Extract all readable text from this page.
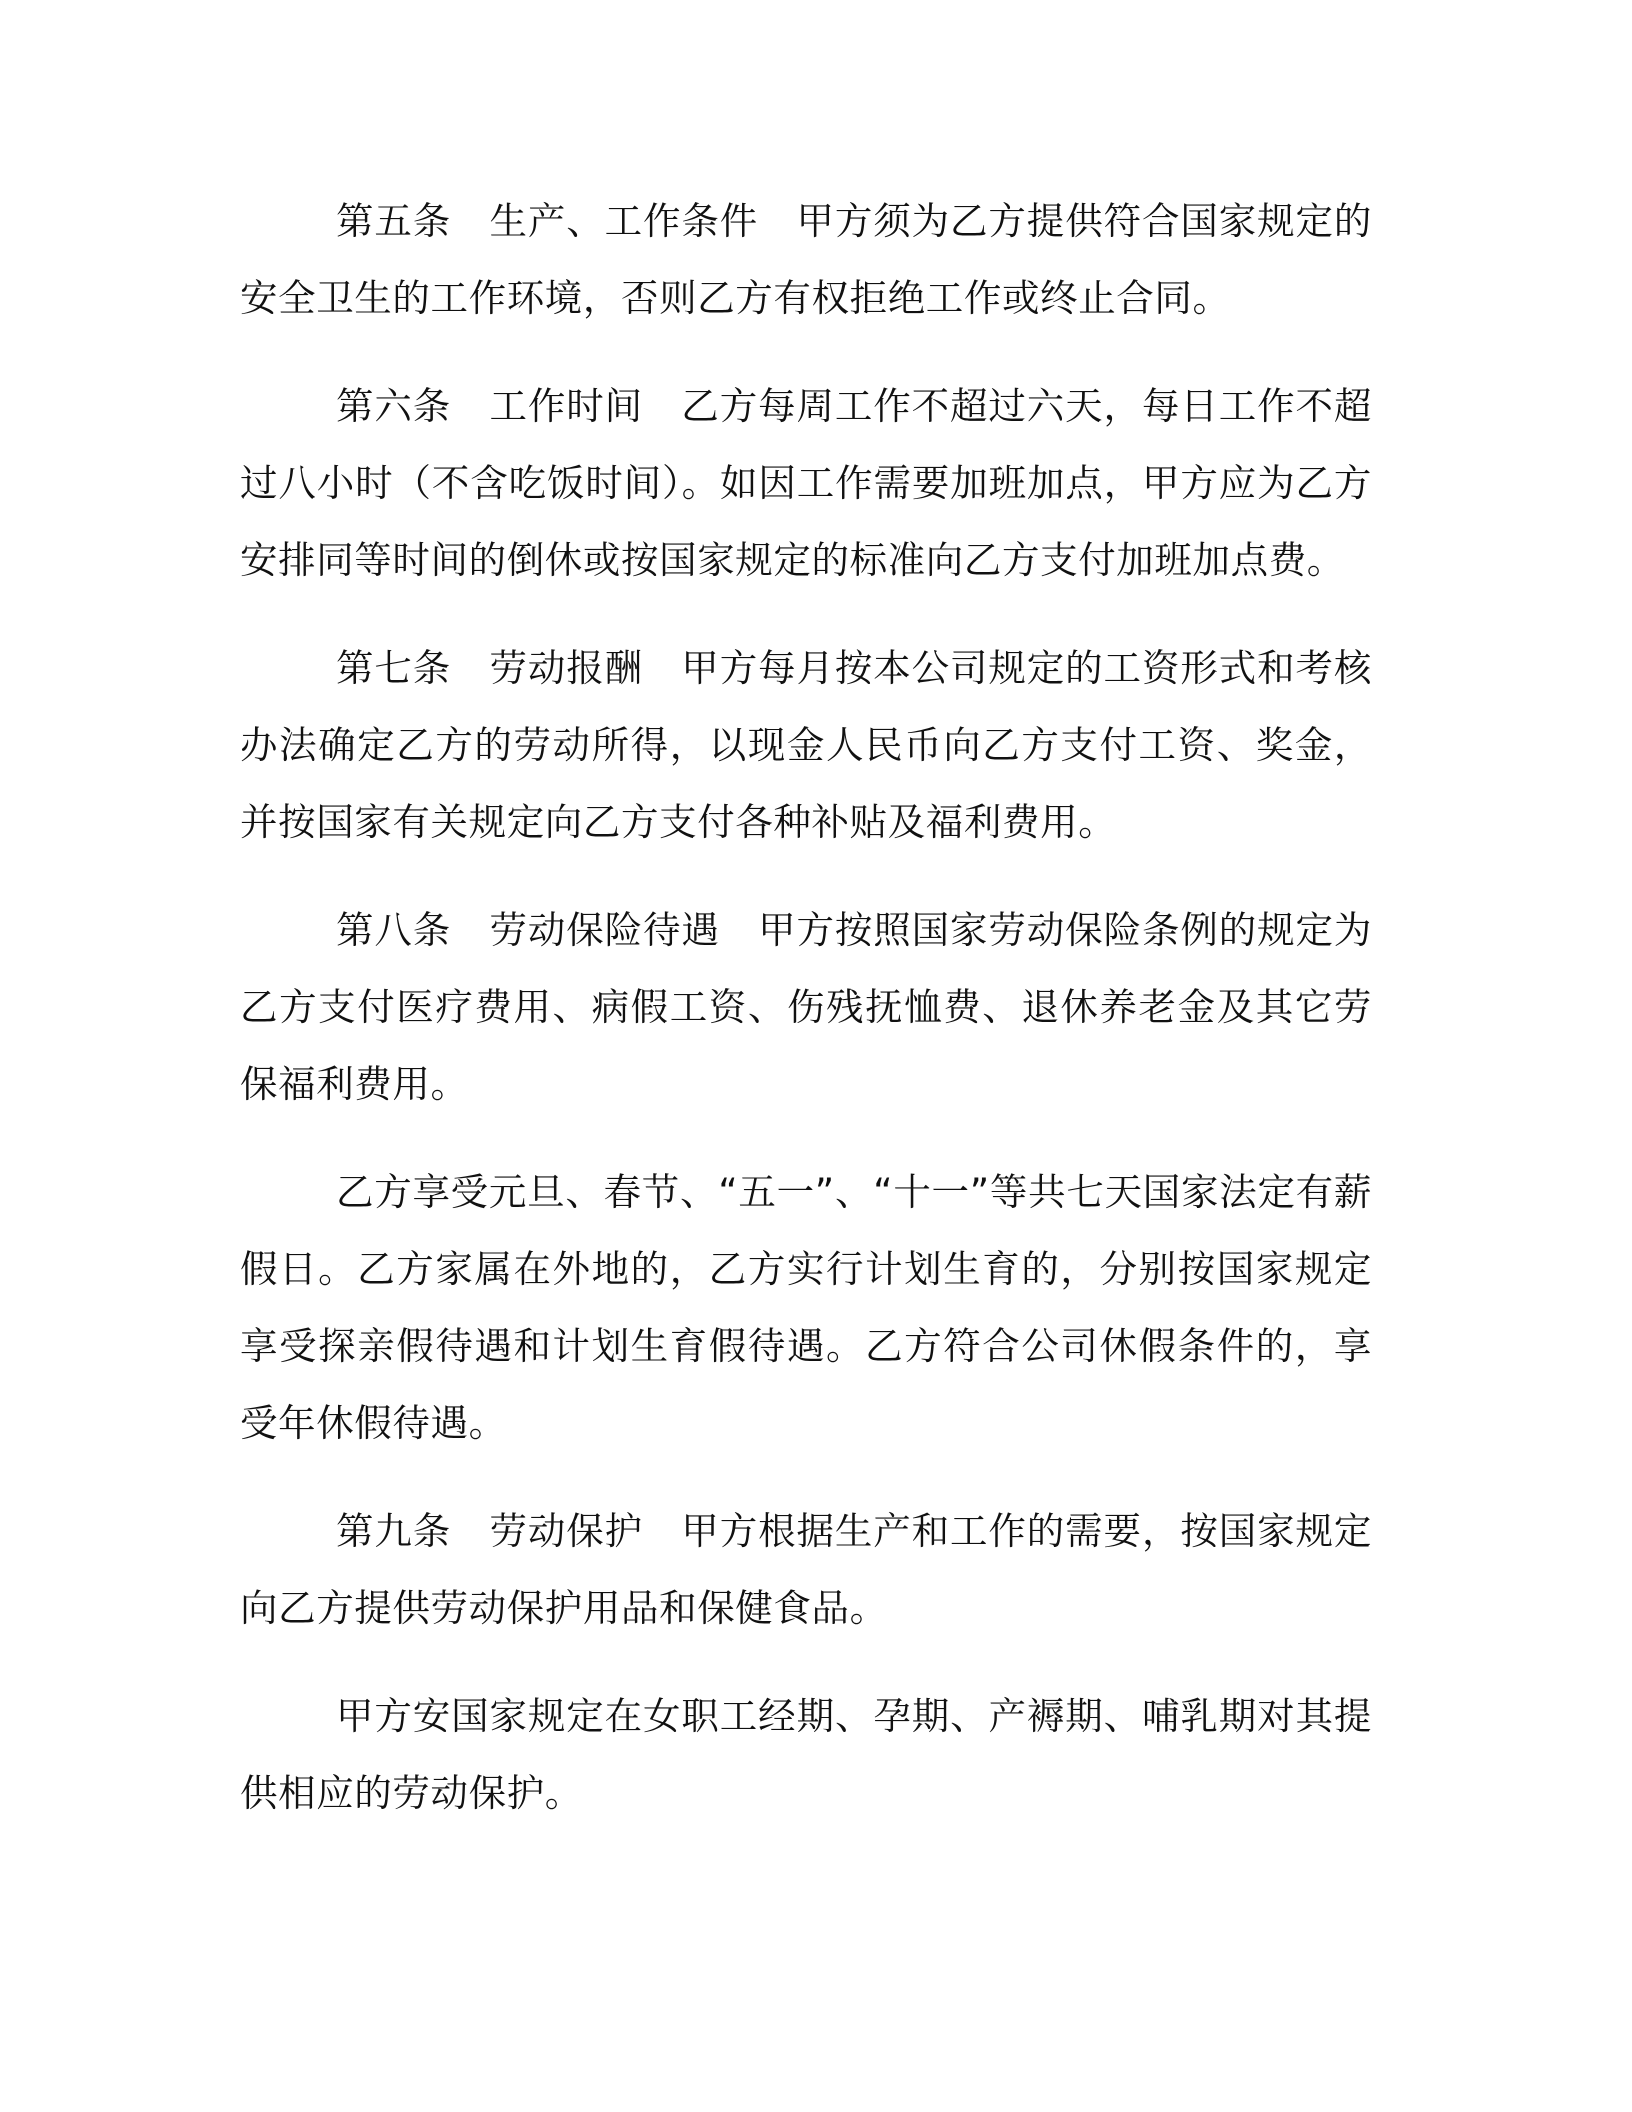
第五条 生产、工作条件 甲方须为乙方提供符合国家规定的安全卫生的工作环境，否则乙方有权拒绝工作或终止合同。

第六条 工作时间 乙方每周工作不超过六天，每日工作不超过八小时（不含吃饭时间）。如因工作需要加班加点，甲方应为乙方安排同等时间的倒休或按国家规定的标准向乙方支付加班加点费。

第七条 劳动报酬 甲方每月按本公司规定的工资形式和考核办法确定乙方的劳动所得，以现金人民币向乙方支付工资、奖金，并按国家有关规定向乙方支付各种补贴及福利费用。

第八条 劳动保险待遇 甲方按照国家劳动保险条例的规定为乙方支付医疗费用、病假工资、伤残抚恤费、退休养老金及其它劳保福利费用。

乙方享受元旦、春节、“五一”、“十一”等共七天国家法定有薪假日。乙方家属在外地的，乙方实行计划生育的，分别按国家规定享受探亲假待遇和计划生育假待遇。乙方符合公司休假条件的，享受年休假待遇。

第九条 劳动保护 甲方根据生产和工作的需要，按国家规定向乙方提供劳动保护用品和保健食品。

甲方安国家规定在女职工经期、孕期、产褥期、哺乳期对其提供相应的劳动保护。
